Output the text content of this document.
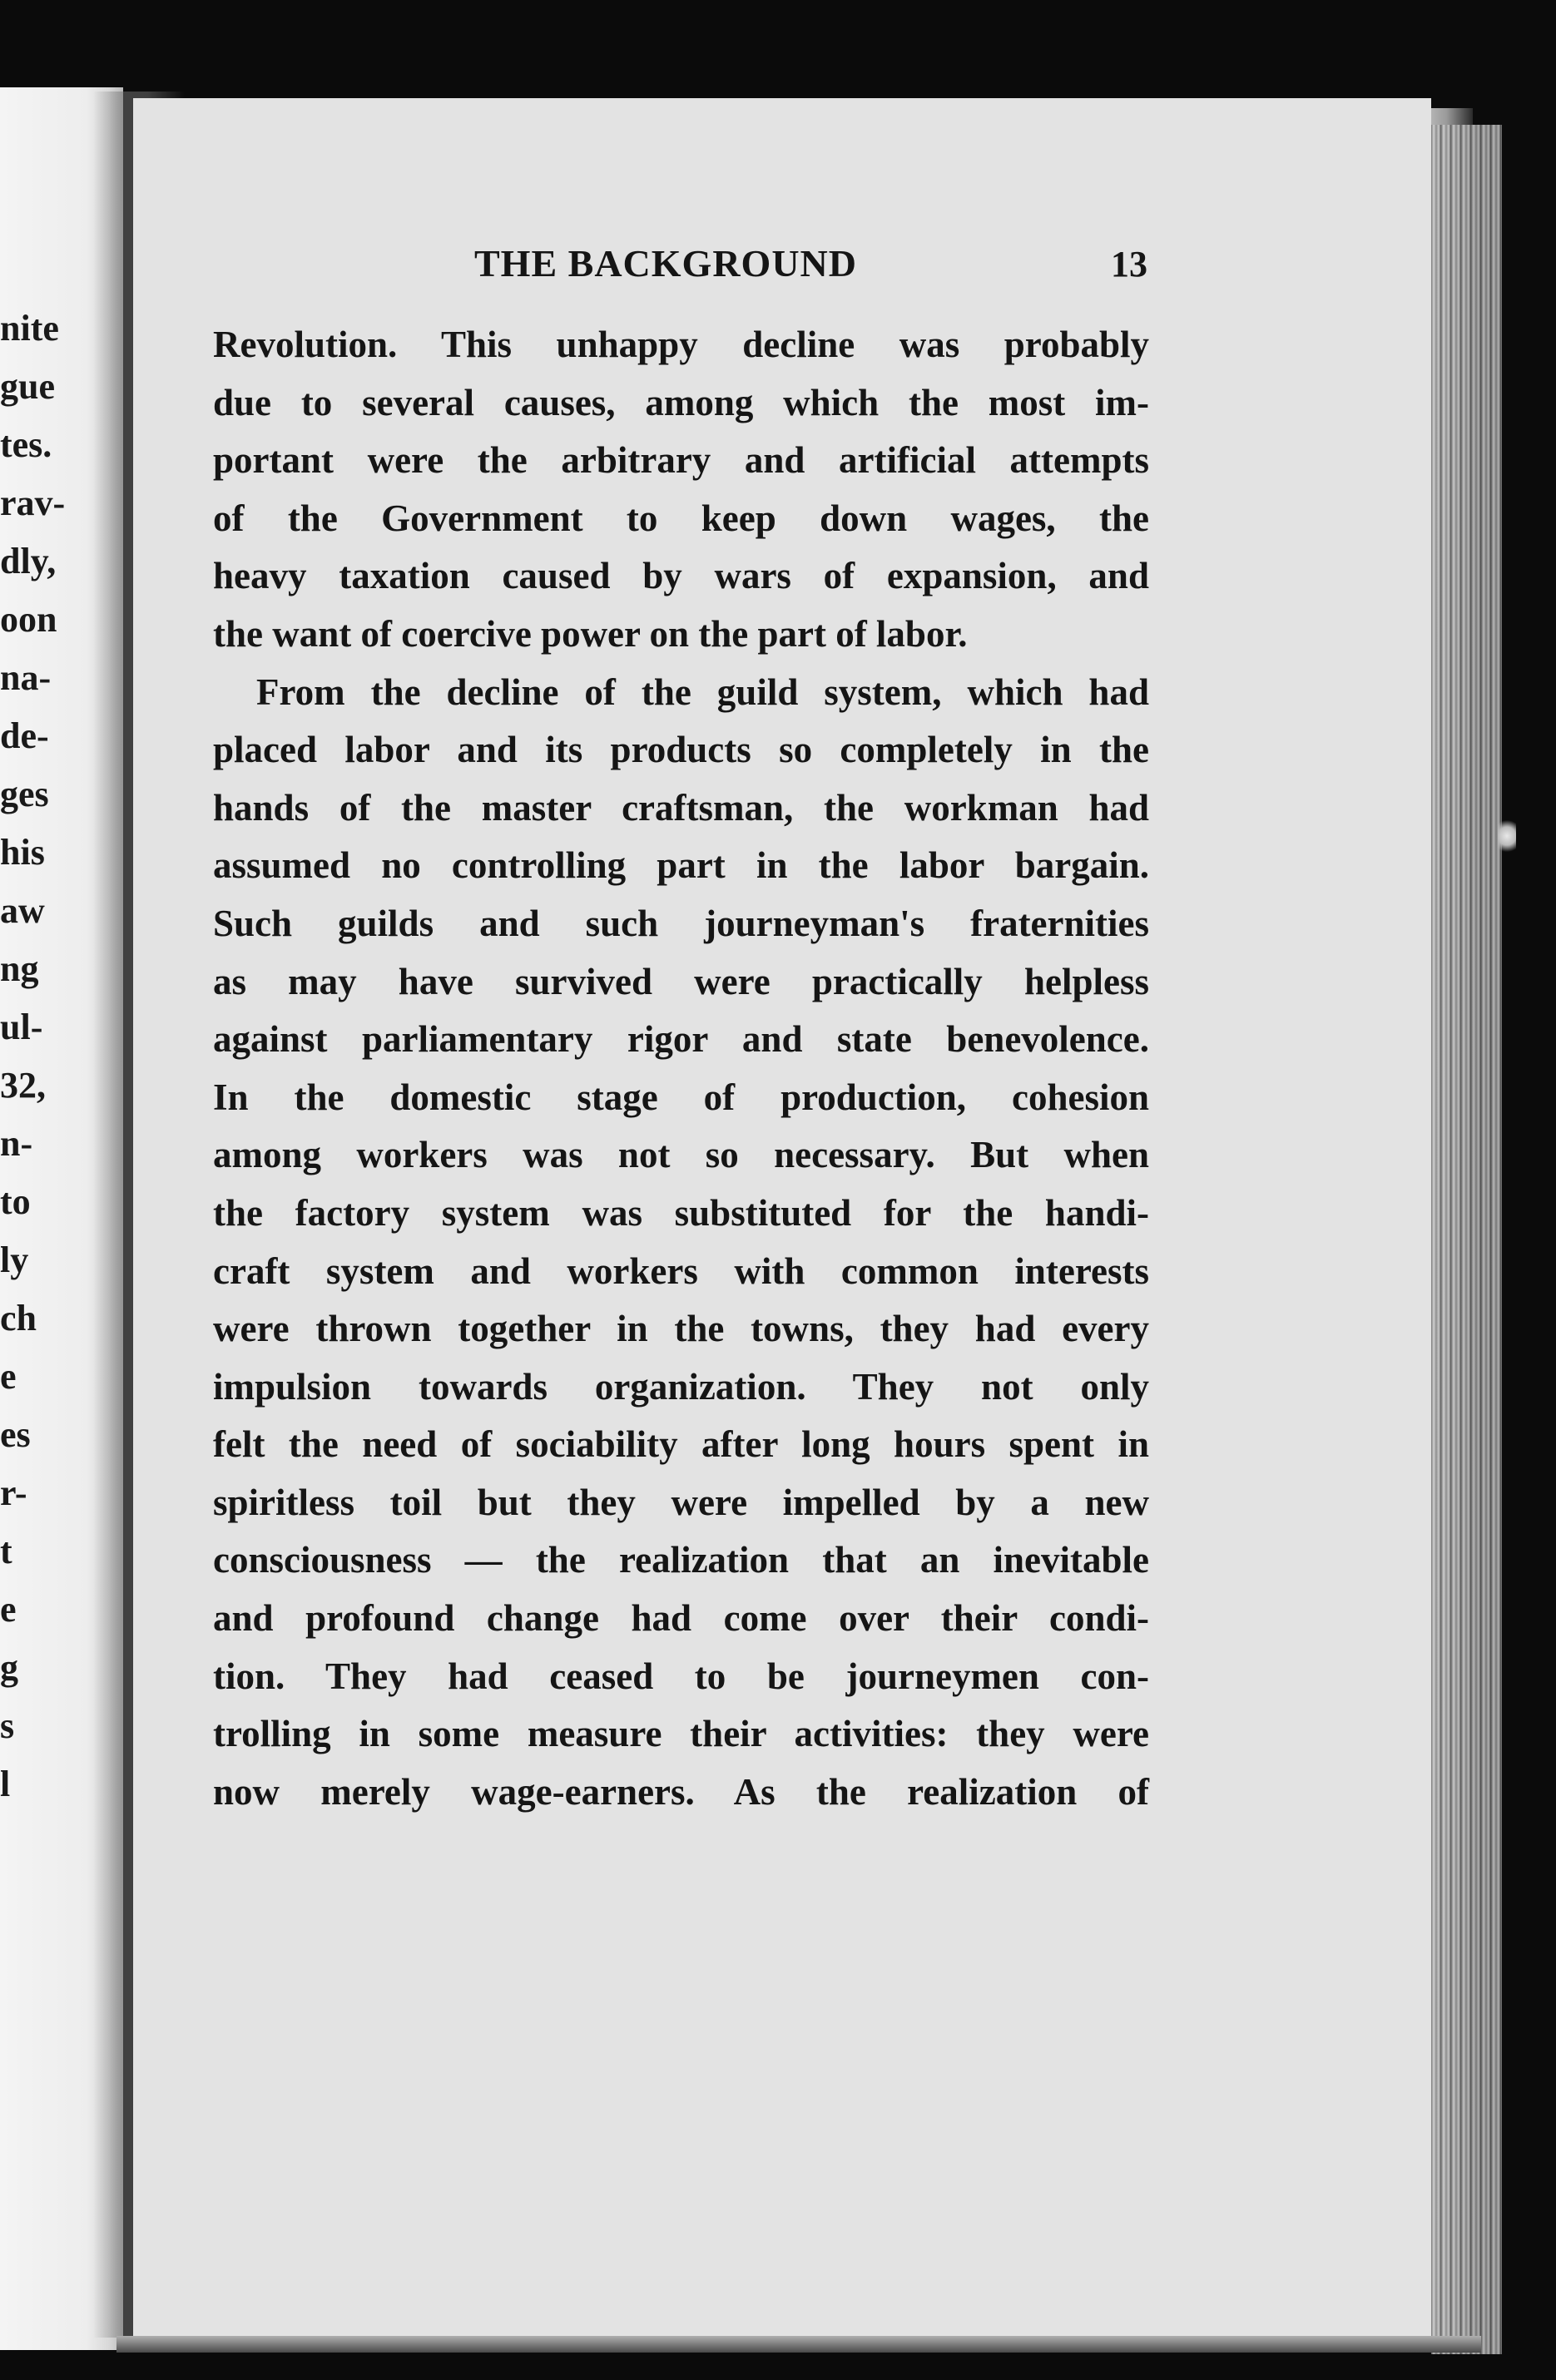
nite
gue
tes.
rav-
dly,
oon
na-
de-
ges
his
aw
ng
ul-
32,
n-
to
ly
ch
e
es
r-
t
e
g
s
l
THE BACKGROUND	13
Revolution. This unhappy decline was probably
due to several causes, among which the most im-
portant were the arbitrary and artificial attempts
of the Government to keep down wages, the
heavy taxation caused by wars of expansion, and
the want of coercive power on the part of labor.
From the decline of the guild system, which had
placed labor and its products so completely in the
hands of the master craftsman, the workman had
assumed no controlling part in the labor bargain.
Such guilds and such journeyman's fraternities
as may have survived were practically helpless
against parliamentary rigor and state benevolence.
In the domestic stage of production, cohesion
among workers was not so necessary. But when
the factory system was substituted for the handi-
craft system and workers with common interests
were thrown together in the towns, they had every
impulsion towards organization. They not only
felt the need of sociability after long hours spent in
spiritless toil but they were impelled by a new
consciousness — the realization that an inevitable
and profound change had come over their condi-
tion. They had ceased to be journeymen con-
trolling in some measure their activities: they were
now merely wage-earners. As the realization of
